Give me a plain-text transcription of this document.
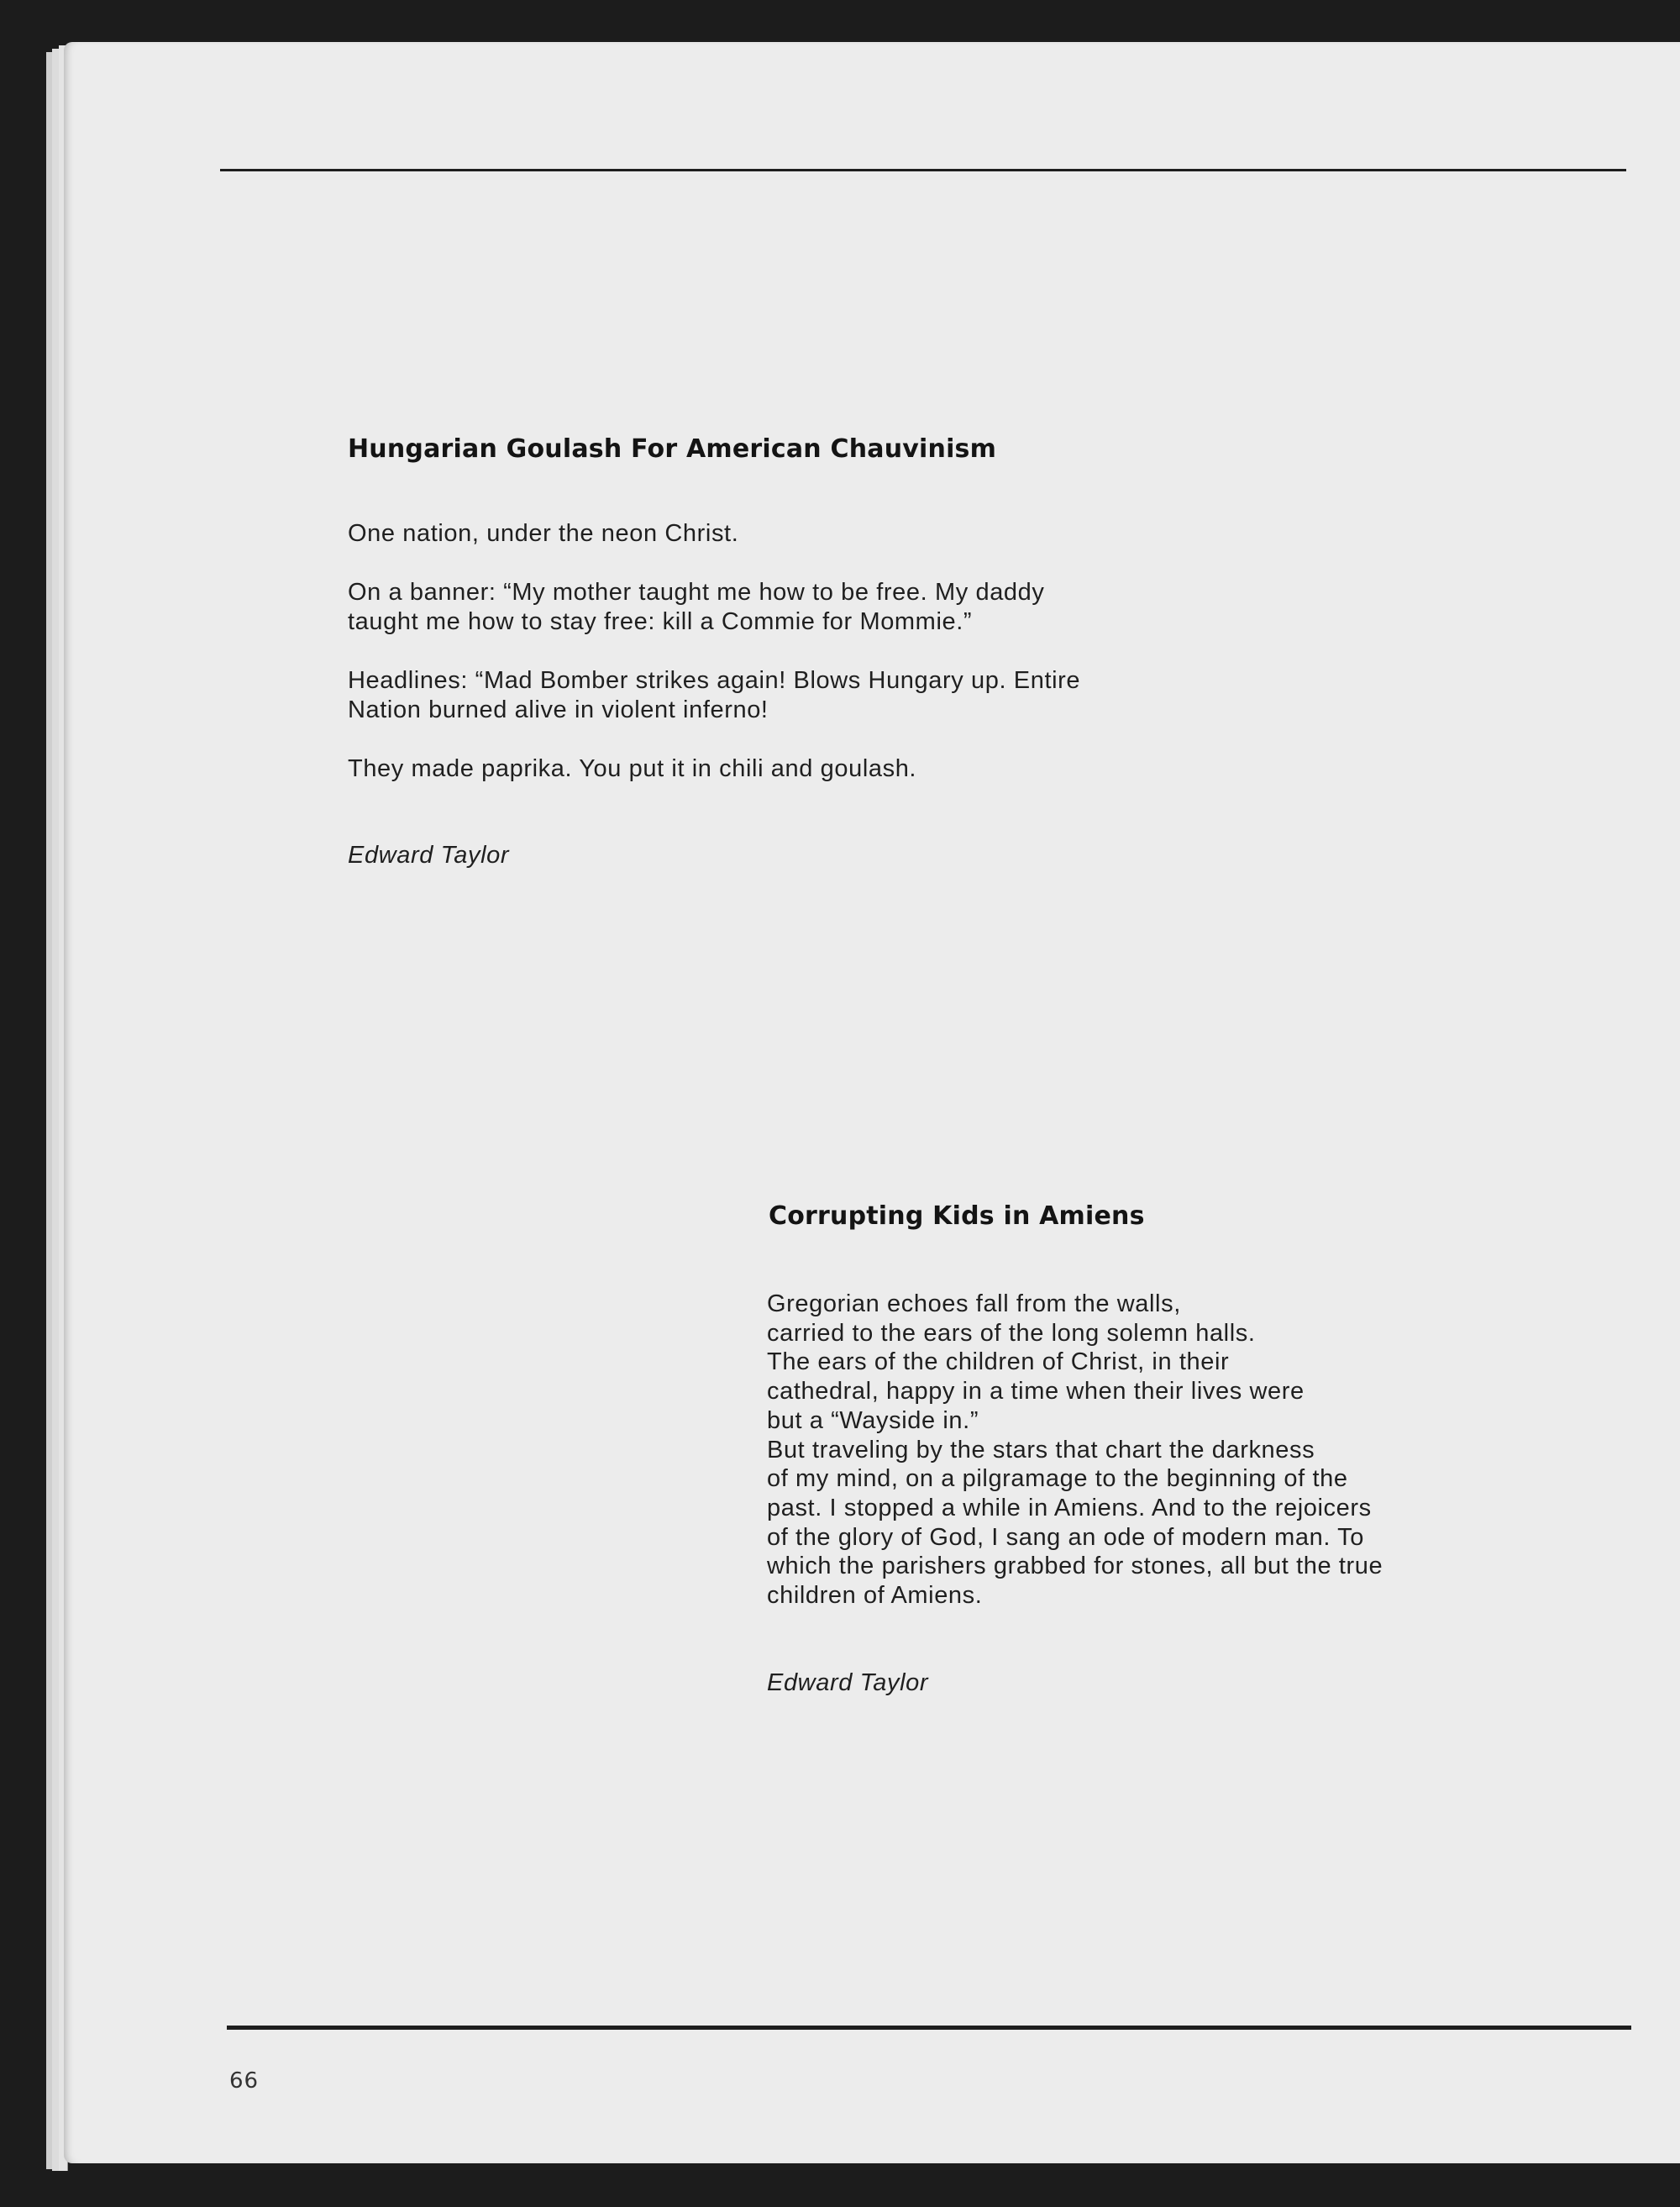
Hungarian Goulash For American Chauvinism

One nation, under the neon Christ.

On a banner: “My mother taught me how to be free. My daddy
taught me how to stay free: kill a Commie for Mommie.”

Headlines: “Mad Bomber strikes again! Blows Hungary up. Entire
Nation burned alive in violent inferno!

They made paprika. You put it in chili and goulash.

Edward Taylor

Corrupting Kids in Amiens

Gregorian echoes fall from the walls,
carried to the ears of the long solemn halls.
The ears of the children of Christ, in their
cathedral, happy in a time when their lives were
but a “Wayside in.”
But traveling by the stars that chart the darkness
of my mind, on a pilgramage to the beginning of the
past. I stopped a while in Amiens. And to the rejoicers
of the glory of God, I sang an ode of modern man. To
which the parishers grabbed for stones, all but the true
children of Amiens.

Edward Taylor

66
